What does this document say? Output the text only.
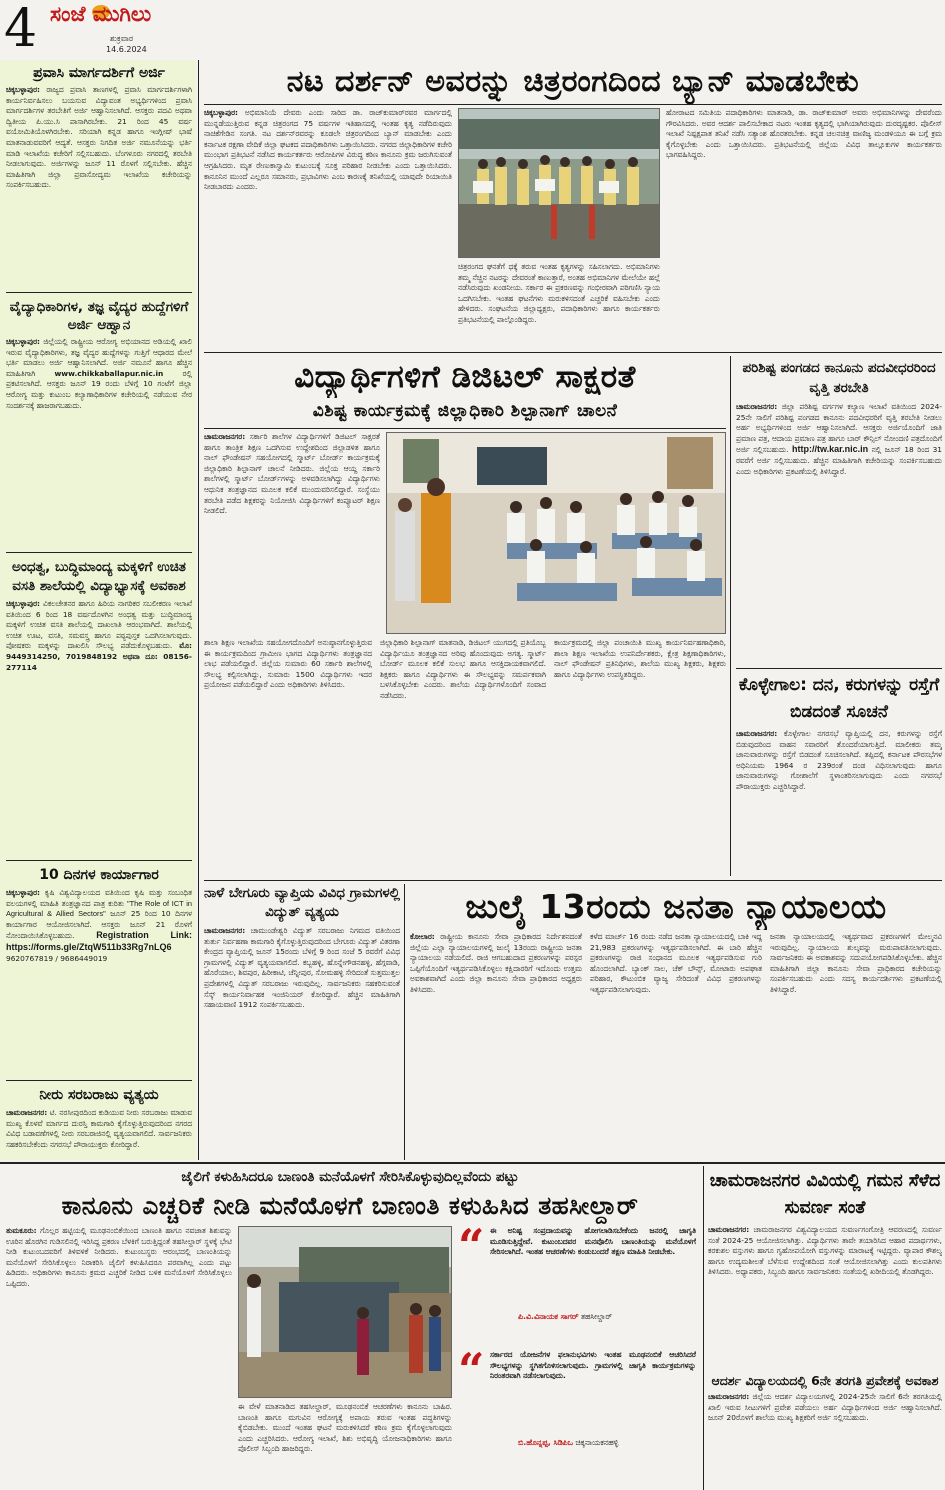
4 ಸಂಜೆ ಮುಗಿಲು
ಶುಕ್ರವಾರ
14.6.2024
ಪ್ರವಾಸಿ ಮಾರ್ಗದರ್ಶಿಗೆ ಅರ್ಜಿ
ಚಿಕ್ಕಬಳ್ಳಾಪುರ: ರಾಜ್ಯದ ಪ್ರವಾಸಿ ತಾಣಗಳಲ್ಲಿ ಪ್ರವಾಸಿ ಮಾರ್ಗದರ್ಶಿಗಳಾಗಿ ಕಾರ್ಯನಿರ್ವಹಿಸಲು ಬಯಸುವ ವಿದ್ಯಾವಂತ ಅಭ್ಯರ್ಥಿಗಳಿಂದ ಪ್ರವಾಸಿ ಮಾರ್ಗದರ್ಶಿಗಳ ತರಬೇತಿಗೆ ಅರ್ಜಿ ಆಹ್ವಾನಿಸಲಾಗಿದೆ. ಆಸಕ್ತರು ಪದವಿ ಅಥವಾ ದ್ವಿತೀಯ ಪಿ.ಯು.ಸಿ ಪಾಸಾಗಿರಬೇಕು. 21 ರಿಂದ 45 ವರ್ಷ ವಯೋಮಿತಿಯೊಳಗಿರಬೇಕು. ಸರಿಯಾಗಿ ಕನ್ನಡ ಹಾಗೂ ಇಂಗ್ಲೀಷ್ ಭಾಷೆ ಮಾತನಾಡುವವರಿಗೆ ಆದ್ಯತೆ. ಆಸಕ್ತರು ನಿಗದಿತ ಅರ್ಜಿ ನಮೂನೆಯನ್ನು ಭರ್ತಿ ಮಾಡಿ ಇಲಾಖೆಯ ಕಚೇರಿಗೆ ಸಲ್ಲಿಸಬಹುದು. ಬೆಂಗಳೂರು ನಗರದಲ್ಲಿ ತರಬೇತಿ ನೀಡಲಾಗುವುದು. ಅರ್ಜಿಗಳನ್ನು ಜೂನ್ 11 ರೊಳಗೆ ಸಲ್ಲಿಸಬೇಕು. ಹೆಚ್ಚಿನ ಮಾಹಿತಿಗಾಗಿ ಜಿಲ್ಲಾ ಪ್ರವಾಸೋದ್ಯಮ ಇಲಾಖೆಯ ಕಚೇರಿಯನ್ನು ಸಂಪರ್ಕಿಸಬಹುದು.
ವೈದ್ಯಾಧಿಕಾರಿಗಳ, ತಜ್ಞ ವೈದ್ಯರ ಹುದ್ದೆಗಳಿಗೆ ಅರ್ಜಿ ಆಹ್ವಾನ
ಚಿಕ್ಕಬಳ್ಳಾಪುರ: ಜಿಲ್ಲೆಯಲ್ಲಿ ರಾಷ್ಟ್ರೀಯ ಆರೋಗ್ಯ ಅಭಿಯಾನದ ಅಡಿಯಲ್ಲಿ ಖಾಲಿ ಇರುವ ವೈದ್ಯಾಧಿಕಾರಿಗಳು, ತಜ್ಞ ವೈದ್ಯರ ಹುದ್ದೆಗಳನ್ನು ಗುತ್ತಿಗೆ ಆಧಾರದ ಮೇಲೆ ಭರ್ತಿ ಮಾಡಲು ಅರ್ಜಿ ಆಹ್ವಾನಿಸಲಾಗಿದೆ. ಅರ್ಜಿ ನಮೂನೆ ಹಾಗೂ ಹೆಚ್ಚಿನ ಮಾಹಿತಿಗಾಗಿ	www.chikkaballapur.nic.in	ರಲ್ಲಿ ಪ್ರಕಟಿಸಲಾಗಿದೆ. ಆಸಕ್ತರು ಜೂನ್ 19 ರಂದು ಬೆಳಿಗ್ಗೆ 10 ಗಂಟೆಗೆ ಜಿಲ್ಲಾ ಆರೋಗ್ಯ ಮತ್ತು ಕುಟುಂಬ ಕಲ್ಯಾಣಾಧಿಕಾರಿಗಳ ಕಚೇರಿಯಲ್ಲಿ ನಡೆಯುವ ನೇರ ಸಂದರ್ಶನಕ್ಕೆ ಹಾಜರಾಗಬಹುದು.
ಅಂಧತ್ವ, ಬುದ್ಧಿಮಾಂದ್ಯ ಮಕ್ಕಳಿಗೆ ಉಚಿತ ವಸತಿ ಶಾಲೆಯಲ್ಲಿ ವಿದ್ಯಾಭ್ಯಾಸಕ್ಕೆ ಅವಕಾಶ
ಚಿಕ್ಕಬಳ್ಳಾಪುರ: ವಿಕಲಚೇತನರ ಹಾಗೂ ಹಿರಿಯ ನಾಗರಿಕರ ಸಬಲೀಕರಣ ಇಲಾಖೆ ವತಿಯಿಂದ 6 ರಿಂದ 18 ವರ್ಷದೊಳಗಿನ ಅಂಧತ್ವ ಮತ್ತು ಬುದ್ಧಿಮಾಂದ್ಯ ಮಕ್ಕಳಿಗೆ ಉಚಿತ ವಸತಿ ಶಾಲೆಯಲ್ಲಿ ದಾಖಲಾತಿ ಆರಂಭವಾಗಿದೆ. ಶಾಲೆಯಲ್ಲಿ ಉಚಿತ ಊಟ, ವಸತಿ, ಸಮವಸ್ತ್ರ ಹಾಗೂ ಪಠ್ಯಪುಸ್ತಕ ಒದಗಿಸಲಾಗುವುದು. ಪೋಷಕರು ಮಕ್ಕಳನ್ನು ದಾಖಲಿಸಿ ಸೌಲಭ್ಯ ಪಡೆದುಕೊಳ್ಳಬಹುದು. ಮೊ: 9449314250, 7019848192 ಅಥವಾ ದೂ: 08156-277114
10 ದಿನಗಳ ಕಾರ್ಯಾಗಾರ
ಚಿಕ್ಕಬಳ್ಳಾಪುರ: ಕೃಷಿ ವಿಶ್ವವಿದ್ಯಾಲಯದ ವತಿಯಿಂದ ಕೃಷಿ ಮತ್ತು ಸಂಬಂಧಿತ ವಲಯಗಳಲ್ಲಿ ಮಾಹಿತಿ ತಂತ್ರಜ್ಞಾನದ ಪಾತ್ರ ಕುರಿತು "The Role of ICT in Agricultural & Allied Sectors" ಜೂನ್ 25 ರಿಂದ 10 ದಿನಗಳ ಕಾರ್ಯಾಗಾರ ಆಯೋಜಿಸಲಾಗಿದೆ. ಆಸಕ್ತರು ಜೂನ್ 21 ರೊಳಗೆ ನೋಂದಾಯಿಸಿಕೊಳ್ಳಬಹುದು. Registration Link: https://forms.gle/ZtqW511b33Rg7nLQ6 9620767819 / 9686449019
ನೀರು ಸರಬರಾಜು ವ್ಯತ್ಯಯ
ಚಾಮರಾಜನಗರ: ಟಿ. ನರಸೀಪುರದಿಂದ ಕುಡಿಯುವ ನೀರು ಸರಬರಾಜು ಮಾಡುವ ಮುಖ್ಯ ಕೊಳವೆ ಮಾರ್ಗದ ದುರಸ್ತಿ ಕಾಮಗಾರಿ ಕೈಗೊಳ್ಳುತ್ತಿರುವುದರಿಂದ ನಗರದ ವಿವಿಧ ಬಡಾವಣೆಗಳಲ್ಲಿ ನೀರು ಸರಬರಾಜಿನಲ್ಲಿ ವ್ಯತ್ಯಯವಾಗಲಿದೆ. ಸಾರ್ವಜನಿಕರು ಸಹಕರಿಸಬೇಕೆಂದು ನಗರಸಭೆ ಪೌರಾಯುಕ್ತರು ಕೋರಿದ್ದಾರೆ.
ನಟ ದರ್ಶನ್ ಅವರನ್ನು ಚಿತ್ರರಂಗದಿಂದ ಬ್ಯಾನ್ ಮಾಡಬೇಕು
ಚಿಕ್ಕಬಳ್ಳಾಪುರ: ಅಭಿಮಾನಿಯೆ ದೇವರು ಎಂದು ಸಾರಿದ ಡಾ. ರಾಜ್‌ಕುಮಾರ್‌ರವರ ಮಾರ್ಗದಲ್ಲಿ ಮುನ್ನಡೆಯುತ್ತಿರುವ ಕನ್ನಡ ಚಿತ್ರರಂಗದ 75 ವರ್ಷಗಳ ಇತಿಹಾಸದಲ್ಲಿ ಇಂತಹ ಕೃತ್ಯ ನಡೆದಿರುವುದು ನಾಚಿಕೆಗೇಡಿನ ಸಂಗತಿ. ನಟ ದರ್ಶನ್‌ರವರನ್ನು ಕೂಡಲೇ ಚಿತ್ರರಂಗದಿಂದ ಬ್ಯಾನ್ ಮಾಡಬೇಕು ಎಂದು ಕರ್ನಾಟಕ ರಕ್ಷಣಾ ವೇದಿಕೆ ಜಿಲ್ಲಾ ಘಟಕದ ಪದಾಧಿಕಾರಿಗಳು ಒತ್ತಾಯಿಸಿದರು. ನಗರದ ಜಿಲ್ಲಾಧಿಕಾರಿಗಳ ಕಚೇರಿ ಮುಂಭಾಗ ಪ್ರತಿಭಟನೆ ನಡೆಸಿದ ಕಾರ್ಯಕರ್ತರು ಆರೋಪಿಗಳ ವಿರುದ್ಧ ಕಠಿಣ ಕಾನೂನು ಕ್ರಮ ಜರುಗಿಸುವಂತೆ ಆಗ್ರಹಿಸಿದರು. ಮೃತ ರೇಣುಕಾಸ್ವಾಮಿ ಕುಟುಂಬಕ್ಕೆ ಸೂಕ್ತ ಪರಿಹಾರ ನೀಡಬೇಕು ಎಂದು ಒತ್ತಾಯಿಸಿದರು. ಕಾನೂನಿನ ಮುಂದೆ ಎಲ್ಲರೂ ಸಮಾನರು, ಪ್ರಭಾವಿಗಳು ಎಂಬ ಕಾರಣಕ್ಕೆ ತನಿಖೆಯಲ್ಲಿ ಯಾವುದೇ ರಿಯಾಯಿತಿ ನೀಡಬಾರದು ಎಂದರು.
ಚಿತ್ರರಂಗದ ಘನತೆಗೆ ಧಕ್ಕೆ ತರುವ ಇಂತಹ ಕೃತ್ಯಗಳನ್ನು ಸಹಿಸಲಾಗದು. ಅಭಿಮಾನಿಗಳು ತಮ್ಮ ನೆಚ್ಚಿನ ನಟರನ್ನು ದೇವರಂತೆ ಕಾಣುತ್ತಾರೆ, ಅಂತಹ ಅಭಿಮಾನಿಗಳ ಮೇಲೆಯೇ ಹಲ್ಲೆ ನಡೆಸಿರುವುದು ಖಂಡನೀಯ. ಸರ್ಕಾರ ಈ ಪ್ರಕರಣವನ್ನು ಗಂಭೀರವಾಗಿ ಪರಿಗಣಿಸಿ ನ್ಯಾಯ ಒದಗಿಸಬೇಕು. ಇಂತಹ ಘಟನೆಗಳು ಮರುಕಳಿಸದಂತೆ ಎಚ್ಚರಿಕೆ ವಹಿಸಬೇಕು ಎಂದು ಹೇಳಿದರು. ಸಂಘಟನೆಯ ಜಿಲ್ಲಾಧ್ಯಕ್ಷರು, ಪದಾಧಿಕಾರಿಗಳು ಹಾಗೂ ಕಾರ್ಯಕರ್ತರು ಪ್ರತಿಭಟನೆಯಲ್ಲಿ ಪಾಲ್ಗೊಂಡಿದ್ದರು.
ಹೋರಾಟದ ಸಮಿತಿಯ ಪದಾಧಿಕಾರಿಗಳು ಮಾತನಾಡಿ, ಡಾ. ರಾಜ್‌ಕುಮಾರ್‌ ಅವರು ಅಭಿಮಾನಿಗಳನ್ನು ದೇವರೆಂದು ಗೌರವಿಸಿದರು. ಅವರ ಆದರ್ಶ ಪಾಲಿಸಬೇಕಾದ ನಟರು ಇಂತಹ ಕೃತ್ಯದಲ್ಲಿ ಭಾಗಿಯಾಗಿರುವುದು ದುರದೃಷ್ಟಕರ. ಪೊಲೀಸ್ ಇಲಾಖೆ ನಿಷ್ಪಕ್ಷಪಾತ ತನಿಖೆ ನಡೆಸಿ ಸತ್ಯಾಂಶ ಹೊರತರಬೇಕು. ಕನ್ನಡ ಚಲನಚಿತ್ರ ವಾಣಿಜ್ಯ ಮಂಡಳಿಯೂ ಈ ಬಗ್ಗೆ ಕ್ರಮ ಕೈಗೊಳ್ಳಬೇಕು ಎಂದು ಒತ್ತಾಯಿಸಿದರು. ಪ್ರತಿಭಟನೆಯಲ್ಲಿ ಜಿಲ್ಲೆಯ ವಿವಿಧ ತಾಲ್ಲೂಕುಗಳ ಕಾರ್ಯಕರ್ತರು ಭಾಗವಹಿಸಿದ್ದರು.
ವಿದ್ಯಾರ್ಥಿಗಳಿಗೆ ಡಿಜಿಟಲ್ ಸಾಕ್ಷರತೆ
ವಿಶಿಷ್ಟ ಕಾರ್ಯಕ್ರಮಕ್ಕೆ ಜಿಲ್ಲಾಧಿಕಾರಿ ಶಿಲ್ಪಾನಾಗ್ ಚಾಲನೆ
ಚಾಮರಾಜನಗರ: ಸರ್ಕಾರಿ ಶಾಲೆಗಳ ವಿದ್ಯಾರ್ಥಿಗಳಿಗೆ ಡಿಜಿಟಲ್ ಸಾಕ್ಷರತೆ ಹಾಗೂ ತಾಂತ್ರಿಕ ಶಿಕ್ಷಣ ಒದಗಿಸುವ ಉದ್ದೇಶದಿಂದ ಜಿಲ್ಲಾಡಳಿತ ಹಾಗೂ ನಾಲ್ ಫೌಂಡೇಷನ್ ಸಹಯೋಗದಲ್ಲಿ ಸ್ಮಾರ್ಟ್ ಬೋರ್ಡ್ ಕಾರ್ಯಕ್ರಮಕ್ಕೆ ಜಿಲ್ಲಾಧಿಕಾರಿ ಶಿಲ್ಪಾನಾಗ್ ಚಾಲನೆ ನೀಡಿದರು. ಜಿಲ್ಲೆಯ ಆಯ್ದ ಸರ್ಕಾರಿ ಶಾಲೆಗಳಲ್ಲಿ ಸ್ಮಾರ್ಟ್ ಬೋರ್ಡ್‌ಗಳನ್ನು ಅಳವಡಿಸಲಾಗಿದ್ದು ವಿದ್ಯಾರ್ಥಿಗಳು ಆಧುನಿಕ ತಂತ್ರಜ್ಞಾನದ ಮೂಲಕ ಕಲಿಕೆ ಮುಂದುವರಿಸಲಿದ್ದಾರೆ. ಸಂಸ್ಥೆಯು ತರಬೇತಿ ಪಡೆದ ಶಿಕ್ಷಕರನ್ನು ನಿಯೋಜಿಸಿ ವಿದ್ಯಾರ್ಥಿಗಳಿಗೆ ಕಂಪ್ಯೂಟರ್ ಶಿಕ್ಷಣ ನೀಡಲಿದೆ.
ಶಾಲಾ ಶಿಕ್ಷಣ ಇಲಾಖೆಯ ಸಹಯೋಗದೊಂದಿಗೆ ಅನುಷ್ಠಾನಗೊಳ್ಳುತ್ತಿರುವ ಈ ಕಾರ್ಯಕ್ರಮದಿಂದ ಗ್ರಾಮೀಣ ಭಾಗದ ವಿದ್ಯಾರ್ಥಿಗಳು ತಂತ್ರಜ್ಞಾನದ ಲಾಭ ಪಡೆಯಲಿದ್ದಾರೆ. ಜಿಲ್ಲೆಯ ಸುಮಾರು 60 ಸರ್ಕಾರಿ ಶಾಲೆಗಳಲ್ಲಿ ಸೌಲಭ್ಯ ಕಲ್ಪಿಸಲಾಗಿದ್ದು, ಸುಮಾರು 1500 ವಿದ್ಯಾರ್ಥಿಗಳು ಇದರ ಪ್ರಯೋಜನ ಪಡೆಯಲಿದ್ದಾರೆ ಎಂದು ಅಧಿಕಾರಿಗಳು ತಿಳಿಸಿದರು.
ಜಿಲ್ಲಾಧಿಕಾರಿ ಶಿಲ್ಪಾನಾಗ್ ಮಾತನಾಡಿ, ಡಿಜಿಟಲ್ ಯುಗದಲ್ಲಿ ಪ್ರತಿಯೊಬ್ಬ ವಿದ್ಯಾರ್ಥಿಯೂ ತಂತ್ರಜ್ಞಾನದ ಅರಿವು ಹೊಂದುವುದು ಅಗತ್ಯ. ಸ್ಮಾರ್ಟ್ ಬೋರ್ಡ್ ಮೂಲಕ ಕಲಿಕೆ ಸುಲಭ ಹಾಗೂ ಆಸಕ್ತಿದಾಯಕವಾಗಲಿದೆ. ಶಿಕ್ಷಕರು ಹಾಗೂ ವಿದ್ಯಾರ್ಥಿಗಳು ಈ ಸೌಲಭ್ಯವನ್ನು ಸಮರ್ಪಕವಾಗಿ ಬಳಸಿಕೊಳ್ಳಬೇಕು ಎಂದರು. ಶಾಲೆಯ ವಿದ್ಯಾರ್ಥಿಗಳೊಂದಿಗೆ ಸಂವಾದ ನಡೆಸಿದರು.
ಕಾರ್ಯಕ್ರಮದಲ್ಲಿ ಜಿಲ್ಲಾ ಪಂಚಾಯಿತಿ ಮುಖ್ಯ ಕಾರ್ಯನಿರ್ವಹಣಾಧಿಕಾರಿ, ಶಾಲಾ ಶಿಕ್ಷಣ ಇಲಾಖೆಯ ಉಪನಿರ್ದೇಶಕರು, ಕ್ಷೇತ್ರ ಶಿಕ್ಷಣಾಧಿಕಾರಿಗಳು, ನಾಲ್ ಫೌಂಡೇಷನ್ ಪ್ರತಿನಿಧಿಗಳು, ಶಾಲೆಯ ಮುಖ್ಯ ಶಿಕ್ಷಕರು, ಶಿಕ್ಷಕರು ಹಾಗೂ ವಿದ್ಯಾರ್ಥಿಗಳು ಉಪಸ್ಥಿತರಿದ್ದರು.
ಪರಿಶಿಷ್ಟ ಪಂಗಡದ ಕಾನೂನು ಪದವೀಧರರಿಂದ ವೃತ್ತಿ ತರಬೇತಿ
ಚಾಮರಾಜನಗರ: ಜಿಲ್ಲಾ ಪರಿಶಿಷ್ಟ ವರ್ಗಗಳ ಕಲ್ಯಾಣ ಇಲಾಖೆ ವತಿಯಿಂದ 2024-25ನೇ ಸಾಲಿಗೆ ಪರಿಶಿಷ್ಟ ಪಂಗಡದ ಕಾನೂನು ಪದವೀಧರರಿಗೆ ವೃತ್ತಿ ತರಬೇತಿ ನೀಡಲು ಅರ್ಹ ಅಭ್ಯರ್ಥಿಗಳಿಂದ ಅರ್ಜಿ ಆಹ್ವಾನಿಸಲಾಗಿದೆ. ಆಸಕ್ತರು ಅರ್ಜಿಯೊಂದಿಗೆ ಜಾತಿ ಪ್ರಮಾಣ ಪತ್ರ, ಆದಾಯ ಪ್ರಮಾಣ ಪತ್ರ ಹಾಗೂ ಬಾರ್ ಕೌನ್ಸಿಲ್ ನೋಂದಣಿ ಪತ್ರದೊಂದಿಗೆ ಅರ್ಜಿ ಸಲ್ಲಿಸಬಹುದು. http://tw.kar.nic.in ನಲ್ಲಿ ಜೂನ್ 18 ರಿಂದ 31 ರವರೆಗೆ ಅರ್ಜಿ ಸಲ್ಲಿಸಬಹುದು. ಹೆಚ್ಚಿನ ಮಾಹಿತಿಗಾಗಿ ಕಚೇರಿಯನ್ನು ಸಂಪರ್ಕಿಸಬಹುದು ಎಂದು ಅಧಿಕಾರಿಗಳು ಪ್ರಕಟಣೆಯಲ್ಲಿ ತಿಳಿಸಿದ್ದಾರೆ.
ಕೊಳ್ಳೇಗಾಲ: ದನ, ಕರುಗಳನ್ನು ರಸ್ತೆಗೆ ಬಿಡದಂತೆ ಸೂಚನೆ
ಚಾಮರಾಜನಗರ: ಕೊಳ್ಳೇಗಾಲ ನಗರಸಭೆ ವ್ಯಾಪ್ತಿಯಲ್ಲಿ ದನ, ಕರುಗಳನ್ನು ರಸ್ತೆಗೆ ಬಿಡುವುದರಿಂದ ವಾಹನ ಸವಾರರಿಗೆ ತೊಂದರೆಯಾಗುತ್ತಿದೆ. ಮಾಲೀಕರು ತಮ್ಮ ಜಾನುವಾರುಗಳನ್ನು ರಸ್ತೆಗೆ ಬಿಡದಂತೆ ಸೂಚಿಸಲಾಗಿದೆ. ತಪ್ಪಿದಲ್ಲಿ ಕರ್ನಾಟಕ ಪೌರಸಭೆಗಳ ಅಧಿನಿಯಮ 1964 ರ 239ರಂತೆ ದಂಡ ವಿಧಿಸಲಾಗುವುದು ಹಾಗೂ ಜಾನುವಾರುಗಳನ್ನು ಗೋಶಾಲೆಗೆ ಸ್ಥಳಾಂತರಿಸಲಾಗುವುದು ಎಂದು ನಗರಸಭೆ ಪೌರಾಯುಕ್ತರು ಎಚ್ಚರಿಸಿದ್ದಾರೆ.
ನಾಳೆ ಬೇಗೂರು ವ್ಯಾಪ್ತಿಯ ವಿವಿಧ ಗ್ರಾಮಗಳಲ್ಲಿ ವಿದ್ಯುತ್ ವ್ಯತ್ಯಯ
ಚಾಮರಾಜನಗರ: ಚಾಮುಂಡೇಶ್ವರಿ ವಿದ್ಯುತ್ ಸರಬರಾಜು ನಿಗಮದ ವತಿಯಿಂದ ತುರ್ತು ನಿರ್ವಹಣಾ ಕಾಮಗಾರಿ ಕೈಗೊಳ್ಳುತ್ತಿರುವುದರಿಂದ ಬೇಗೂರು ವಿದ್ಯುತ್ ವಿತರಣಾ ಕೇಂದ್ರದ ವ್ಯಾಪ್ತಿಯಲ್ಲಿ ಜೂನ್ 15ರಂದು ಬೆಳಿಗ್ಗೆ 9 ರಿಂದ ಸಂಜೆ 5 ರವರೆಗೆ ವಿವಿಧ ಗ್ರಾಮಗಳಲ್ಲಿ ವಿದ್ಯುತ್ ವ್ಯತ್ಯಯವಾಗಲಿದೆ. ಕಬ್ಬಹಳ್ಳಿ, ಹೊನ್ನೇಗೌಡನಹಳ್ಳಿ, ಹೆಗ್ಗವಾಡಿ, ಹೊರೆಯಾಲ, ಶಿವಪುರ, ಹಿರೀಕಾಟಿ, ಚೆನ್ನೀಪುರ, ಸೋಮಹಳ್ಳಿ ಸೇರಿದಂತೆ ಸುತ್ತಮುತ್ತಲ ಪ್ರದೇಶಗಳಲ್ಲಿ ವಿದ್ಯುತ್ ಸರಬರಾಜು ಇರುವುದಿಲ್ಲ. ಸಾರ್ವಜನಿಕರು ಸಹಕರಿಸುವಂತೆ ಸೆಸ್ಕ್ ಕಾರ್ಯನಿರ್ವಾಹಕ ಇಂಜಿನಿಯರ್ ಕೋರಿದ್ದಾರೆ. ಹೆಚ್ಚಿನ ಮಾಹಿತಿಗಾಗಿ ಸಹಾಯವಾಣಿ 1912 ಸಂಪರ್ಕಿಸಬಹುದು.
ಜುಲೈ 13ರಂದು ಜನತಾ ನ್ಯಾಯಾಲಯ
ಕೋಲಾರ: ರಾಷ್ಟ್ರೀಯ ಕಾನೂನು ಸೇವಾ ಪ್ರಾಧಿಕಾರದ ನಿರ್ದೇಶನದಂತೆ ಜಿಲ್ಲೆಯ ಎಲ್ಲಾ ನ್ಯಾಯಾಲಯಗಳಲ್ಲಿ ಜುಲೈ 13ರಂದು ರಾಷ್ಟ್ರೀಯ ಜನತಾ ನ್ಯಾಯಾಲಯ ನಡೆಯಲಿದೆ. ರಾಜಿ ಆಗಬಹುದಾದ ಪ್ರಕರಣಗಳನ್ನು ಪರಸ್ಪರ ಒಪ್ಪಿಗೆಯೊಂದಿಗೆ ಇತ್ಯರ್ಥಪಡಿಸಿಕೊಳ್ಳಲು ಕಕ್ಷಿದಾರರಿಗೆ ಇದೊಂದು ಉತ್ತಮ ಅವಕಾಶವಾಗಿದೆ ಎಂದು ಜಿಲ್ಲಾ ಕಾನೂನು ಸೇವಾ ಪ್ರಾಧಿಕಾರದ ಅಧ್ಯಕ್ಷರು ತಿಳಿಸಿದರು.
ಕಳೆದ ಮಾರ್ಚ್ 16 ರಂದು ನಡೆದ ಜನತಾ ನ್ಯಾಯಾಲಯದಲ್ಲಿ ಬಾಕಿ ಇದ್ದ 21,983 ಪ್ರಕರಣಗಳನ್ನು ಇತ್ಯರ್ಥಪಡಿಸಲಾಗಿದೆ. ಈ ಬಾರಿ ಹೆಚ್ಚಿನ ಪ್ರಕರಣಗಳನ್ನು ರಾಜಿ ಸಂಧಾನದ ಮೂಲಕ ಇತ್ಯರ್ಥಪಡಿಸುವ ಗುರಿ ಹೊಂದಲಾಗಿದೆ. ಬ್ಯಾಂಕ್ ಸಾಲ, ಚೆಕ್ ಬೌನ್ಸ್, ಮೋಟಾರು ಅಪಘಾತ ಪರಿಹಾರ, ಕೌಟುಂಬಿಕ ವ್ಯಾಜ್ಯ ಸೇರಿದಂತೆ ವಿವಿಧ ಪ್ರಕರಣಗಳನ್ನು ಇತ್ಯರ್ಥಪಡಿಸಲಾಗುವುದು.
ಜನತಾ ನ್ಯಾಯಾಲಯದಲ್ಲಿ ಇತ್ಯರ್ಥವಾದ ಪ್ರಕರಣಗಳಿಗೆ ಮೇಲ್ಮನವಿ ಇರುವುದಿಲ್ಲ. ನ್ಯಾಯಾಲಯ ಶುಲ್ಕವನ್ನು ಮರುಪಾವತಿಸಲಾಗುವುದು. ಸಾರ್ವಜನಿಕರು ಈ ಅವಕಾಶವನ್ನು ಸದುಪಯೋಗಪಡಿಸಿಕೊಳ್ಳಬೇಕು. ಹೆಚ್ಚಿನ ಮಾಹಿತಿಗಾಗಿ ಜಿಲ್ಲಾ ಕಾನೂನು ಸೇವಾ ಪ್ರಾಧಿಕಾರದ ಕಚೇರಿಯನ್ನು ಸಂಪರ್ಕಿಸಬಹುದು ಎಂದು ಸದಸ್ಯ ಕಾರ್ಯದರ್ಶಿಗಳು ಪ್ರಕಟಣೆಯಲ್ಲಿ ತಿಳಿಸಿದ್ದಾರೆ.
ಜೈಲಿಗೆ ಕಳುಹಿಸಿದರೂ ಬಾಣಂತಿ ಮನೆಯೊಳಗೆ ಸೇರಿಸಿಕೊಳ್ಳುವುದಿಲ್ಲವೆಂದು ಪಟ್ಟು
ಕಾನೂನು ಎಚ್ಚರಿಕೆ ನೀಡಿ ಮನೆಯೊಳಗೆ ಬಾಣಂತಿ ಕಳುಹಿಸಿದ ತಹಸೀಲ್ದಾರ್
ತುಮಕೂರು: ಗೊಲ್ಲರ ಹಟ್ಟಿಯಲ್ಲಿ ಮೂಢನಂಬಿಕೆಯಿಂದ ಬಾಣಂತಿ ಹಾಗೂ ನವಜಾತ ಶಿಶುವನ್ನು ಊರಿನ ಹೊರಗಿನ ಗುಡಿಸಲಿನಲ್ಲಿ ಇರಿಸಿದ್ದ ಪ್ರಕರಣ ಬೆಳಕಿಗೆ ಬರುತ್ತಿದ್ದಂತೆ ತಹಸೀಲ್ದಾರ್ ಸ್ಥಳಕ್ಕೆ ಭೇಟಿ ನೀಡಿ ಕುಟುಂಬದವರಿಗೆ ತಿಳಿವಳಿಕೆ ನೀಡಿದರು. ಕುಟುಂಬಸ್ಥರು ಆರಂಭದಲ್ಲಿ ಬಾಣಂತಿಯನ್ನು ಮನೆಯೊಳಗೆ ಸೇರಿಸಿಕೊಳ್ಳಲು ನಿರಾಕರಿಸಿ ಜೈಲಿಗೆ ಕಳುಹಿಸಿದರೂ ಪರವಾಗಿಲ್ಲ ಎಂದು ಪಟ್ಟು ಹಿಡಿದರು. ಅಧಿಕಾರಿಗಳು ಕಾನೂನು ಕ್ರಮದ ಎಚ್ಚರಿಕೆ ನೀಡಿದ ಬಳಿಕ ಮನೆಯೊಳಗೆ ಸೇರಿಸಿಕೊಳ್ಳಲು ಒಪ್ಪಿದರು.
ಈ ವೇಳೆ ಮಾತನಾಡಿದ ತಹಸೀಲ್ದಾರ್, ಮೂಢನಂಬಿಕೆ ಆಚರಣೆಗಳು ಕಾನೂನು ಬಾಹಿರ. ಬಾಣಂತಿ ಹಾಗೂ ಮಗುವಿನ ಆರೋಗ್ಯಕ್ಕೆ ಅಪಾಯ ತರುವ ಇಂತಹ ಪದ್ಧತಿಗಳನ್ನು ಕೈಬಿಡಬೇಕು. ಮುಂದೆ ಇಂತಹ ಘಟನೆ ಮರುಕಳಿಸಿದರೆ ಕಠಿಣ ಕ್ರಮ ಕೈಗೊಳ್ಳಲಾಗುವುದು ಎಂದು ಎಚ್ಚರಿಸಿದರು. ಆರೋಗ್ಯ ಇಲಾಖೆ, ಶಿಶು ಅಭಿವೃದ್ಧಿ ಯೋಜನಾಧಿಕಾರಿಗಳು ಹಾಗೂ ಪೊಲೀಸ್ ಸಿಬ್ಬಂದಿ ಹಾಜರಿದ್ದರು.
“ ಈ ಅನಿಷ್ಟ ಸಂಪ್ರದಾಯವನ್ನು ಹೋಗಲಾಡಿಸಬೇಕೆಂದು ಜನರಲ್ಲಿ ಜಾಗೃತಿ ಮೂಡಿಸುತ್ತಿದ್ದೇವೆ. ಕುಟುಂಬದವರ ಮನವೊಲಿಸಿ ಬಾಣಂತಿಯನ್ನು ಮನೆಯೊಳಗೆ ಸೇರಿಸಲಾಗಿದೆ. ಇಂತಹ ಆಚರಣೆಗಳು ಕಂಡುಬಂದರೆ ತಕ್ಷಣ ಮಾಹಿತಿ ನೀಡಬೇಕು.
ಪಿ.ವಿ.ವಿನಾಯಕ ಸಾಗರ್ ತಹಸೀಲ್ದಾರ್
“ ಸರ್ಕಾರದ ಯೋಜನೆಗಳ ಫಲಾನುಭವಿಗಳು ಇಂತಹ ಮೂಢನಂಬಿಕೆ ಆಚರಿಸಿದರೆ ಸೌಲಭ್ಯಗಳನ್ನು ಸ್ಥಗಿತಗೊಳಿಸಲಾಗುವುದು. ಗ್ರಾಮಗಳಲ್ಲಿ ಜಾಗೃತಿ ಕಾರ್ಯಕ್ರಮಗಳನ್ನು ನಿರಂತರವಾಗಿ ನಡೆಸಲಾಗುವುದು.
ಬಿ.ಹೊನ್ನಪ್ಪ, ಸಿಡಿಪಿಒ ಚಿಕ್ಕನಾಯಕನಹಳ್ಳಿ
ಚಾಮರಾಜನಗರ ವಿವಿಯಲ್ಲಿ ಗಮನ ಸೆಳೆದ ಸುವರ್ಣ ಸಂತೆ
ಚಾಮರಾಜನಗರ: ಚಾಮರಾಜನಗರ ವಿಶ್ವವಿದ್ಯಾಲಯದ ಸುವರ್ಣಗಂಗೋತ್ರಿ ಆವರಣದಲ್ಲಿ ಸುವರ್ಣ ಸಂತೆ 2024-25 ಆಯೋಜಿಸಲಾಗಿತ್ತು. ವಿದ್ಯಾರ್ಥಿಗಳು ತಾವೇ ತಯಾರಿಸಿದ ಆಹಾರ ಪದಾರ್ಥಗಳು, ಕರಕುಶಲ ವಸ್ತುಗಳು ಹಾಗೂ ಗೃಹೋಪಯೋಗಿ ವಸ್ತುಗಳನ್ನು ಮಾರಾಟಕ್ಕೆ ಇಟ್ಟಿದ್ದರು. ವ್ಯಾಪಾರ ಕೌಶಲ್ಯ ಹಾಗೂ ಉದ್ಯಮಶೀಲತೆ ಬೆಳೆಸುವ ಉದ್ದೇಶದಿಂದ ಸಂತೆ ಆಯೋಜಿಸಲಾಗಿತ್ತು ಎಂದು ಕುಲಪತಿಗಳು ತಿಳಿಸಿದರು. ಅಧ್ಯಾಪಕರು, ಸಿಬ್ಬಂದಿ ಹಾಗೂ ಸಾರ್ವಜನಿಕರು ಸಂತೆಯಲ್ಲಿ ಖರೀದಿಯಲ್ಲಿ ತೊಡಗಿದ್ದರು.
ಆದರ್ಶ ವಿದ್ಯಾಲಯದಲ್ಲಿ 6ನೇ ತರಗತಿ ಪ್ರವೇಶಕ್ಕೆ ಅವಕಾಶ
ಚಾಮರಾಜನಗರ: ಜಿಲ್ಲೆಯ ಆದರ್ಶ ವಿದ್ಯಾಲಯಗಳಲ್ಲಿ 2024-25ನೇ ಸಾಲಿಗೆ 6ನೇ ತರಗತಿಯಲ್ಲಿ ಖಾಲಿ ಇರುವ ಸೀಟುಗಳಿಗೆ ಪ್ರವೇಶ ಪಡೆಯಲು ಅರ್ಹ ವಿದ್ಯಾರ್ಥಿಗಳಿಂದ ಅರ್ಜಿ ಆಹ್ವಾನಿಸಲಾಗಿದೆ. ಜೂನ್ 20ರೊಳಗೆ ಶಾಲೆಯ ಮುಖ್ಯ ಶಿಕ್ಷಕರಿಗೆ ಅರ್ಜಿ ಸಲ್ಲಿಸಬಹುದು.
